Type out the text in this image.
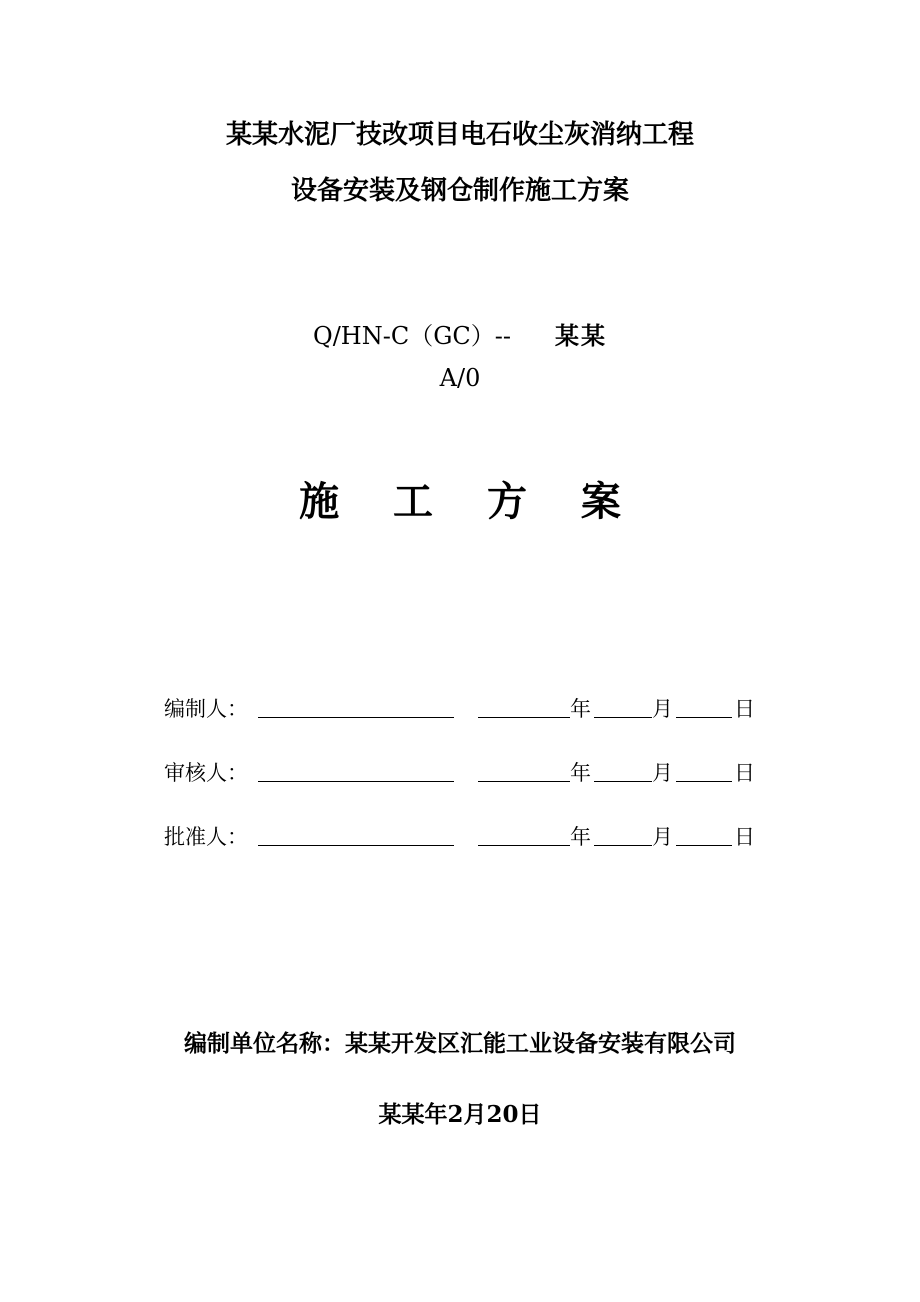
某某水泥厂技改项目电石收尘灰消纳工程
设备安装及钢仓制作施工方案
Q/HN-C（GC）-- 某某
A/0
施 工 方 案
编制人：	年	月	日
审核人：	年	月	日
批准人：	年	月	日
编制单位名称：某某开发区汇能工业设备安装有限公司
某某年2月20日
